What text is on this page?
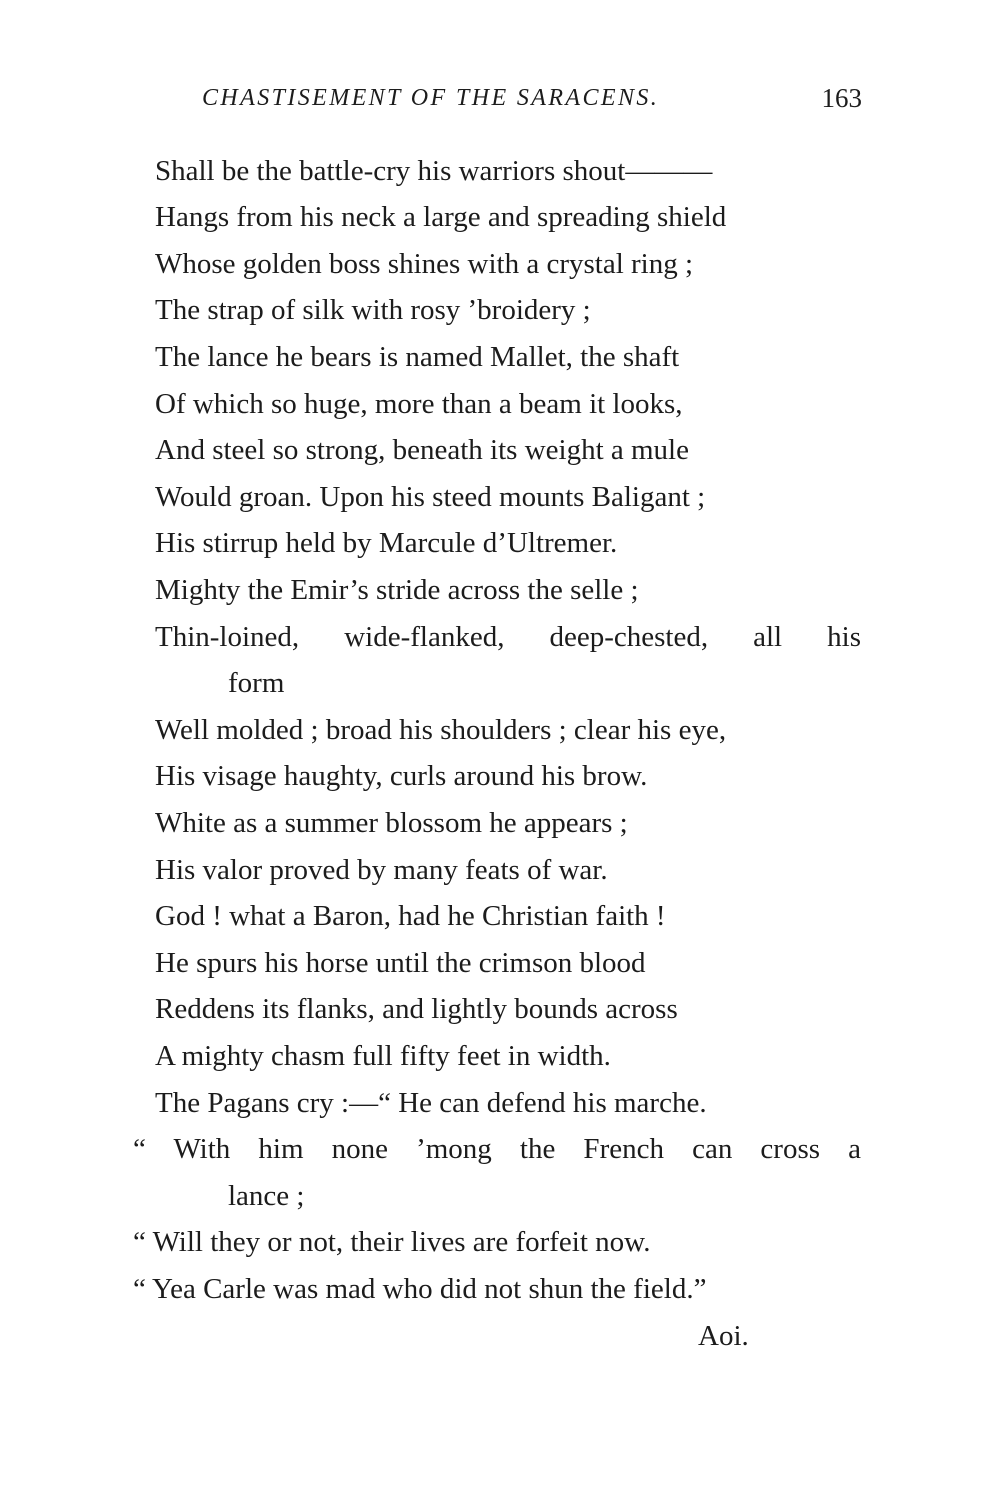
CHASTISEMENT OF THE SARACENS.	163
Shall be the battle-cry his warriors shout———
Hangs from his neck a large and spreading shield
Whose golden boss shines with a crystal ring ;
The strap of silk with rosy ’broidery ;
The lance he bears is named Mallet, the shaft
Of which so huge, more than a beam it looks,
And steel so strong, beneath its weight a mule
Would groan. Upon his steed mounts Baligant ;
His stirrup held by Marcule d’Ultremer.
Mighty the Emir’s stride across the selle ;
Thin-loined, wide-flanked, deep-chested, all his
form
Well molded ; broad his shoulders ; clear his eye,
His visage haughty, curls around his brow.
White as a summer blossom he appears ;
His valor proved by many feats of war.
God ! what a Baron, had he Christian faith !
He spurs his horse until the crimson blood
Reddens its flanks, and lightly bounds across
A mighty chasm full fifty feet in width.
The Pagans cry :—“ He can defend his marche.
“ With him none ’mong the French can cross a
lance ;
“ Will they or not, their lives are forfeit now.
“ Yea Carle was mad who did not shun the field.”
Aoi.
